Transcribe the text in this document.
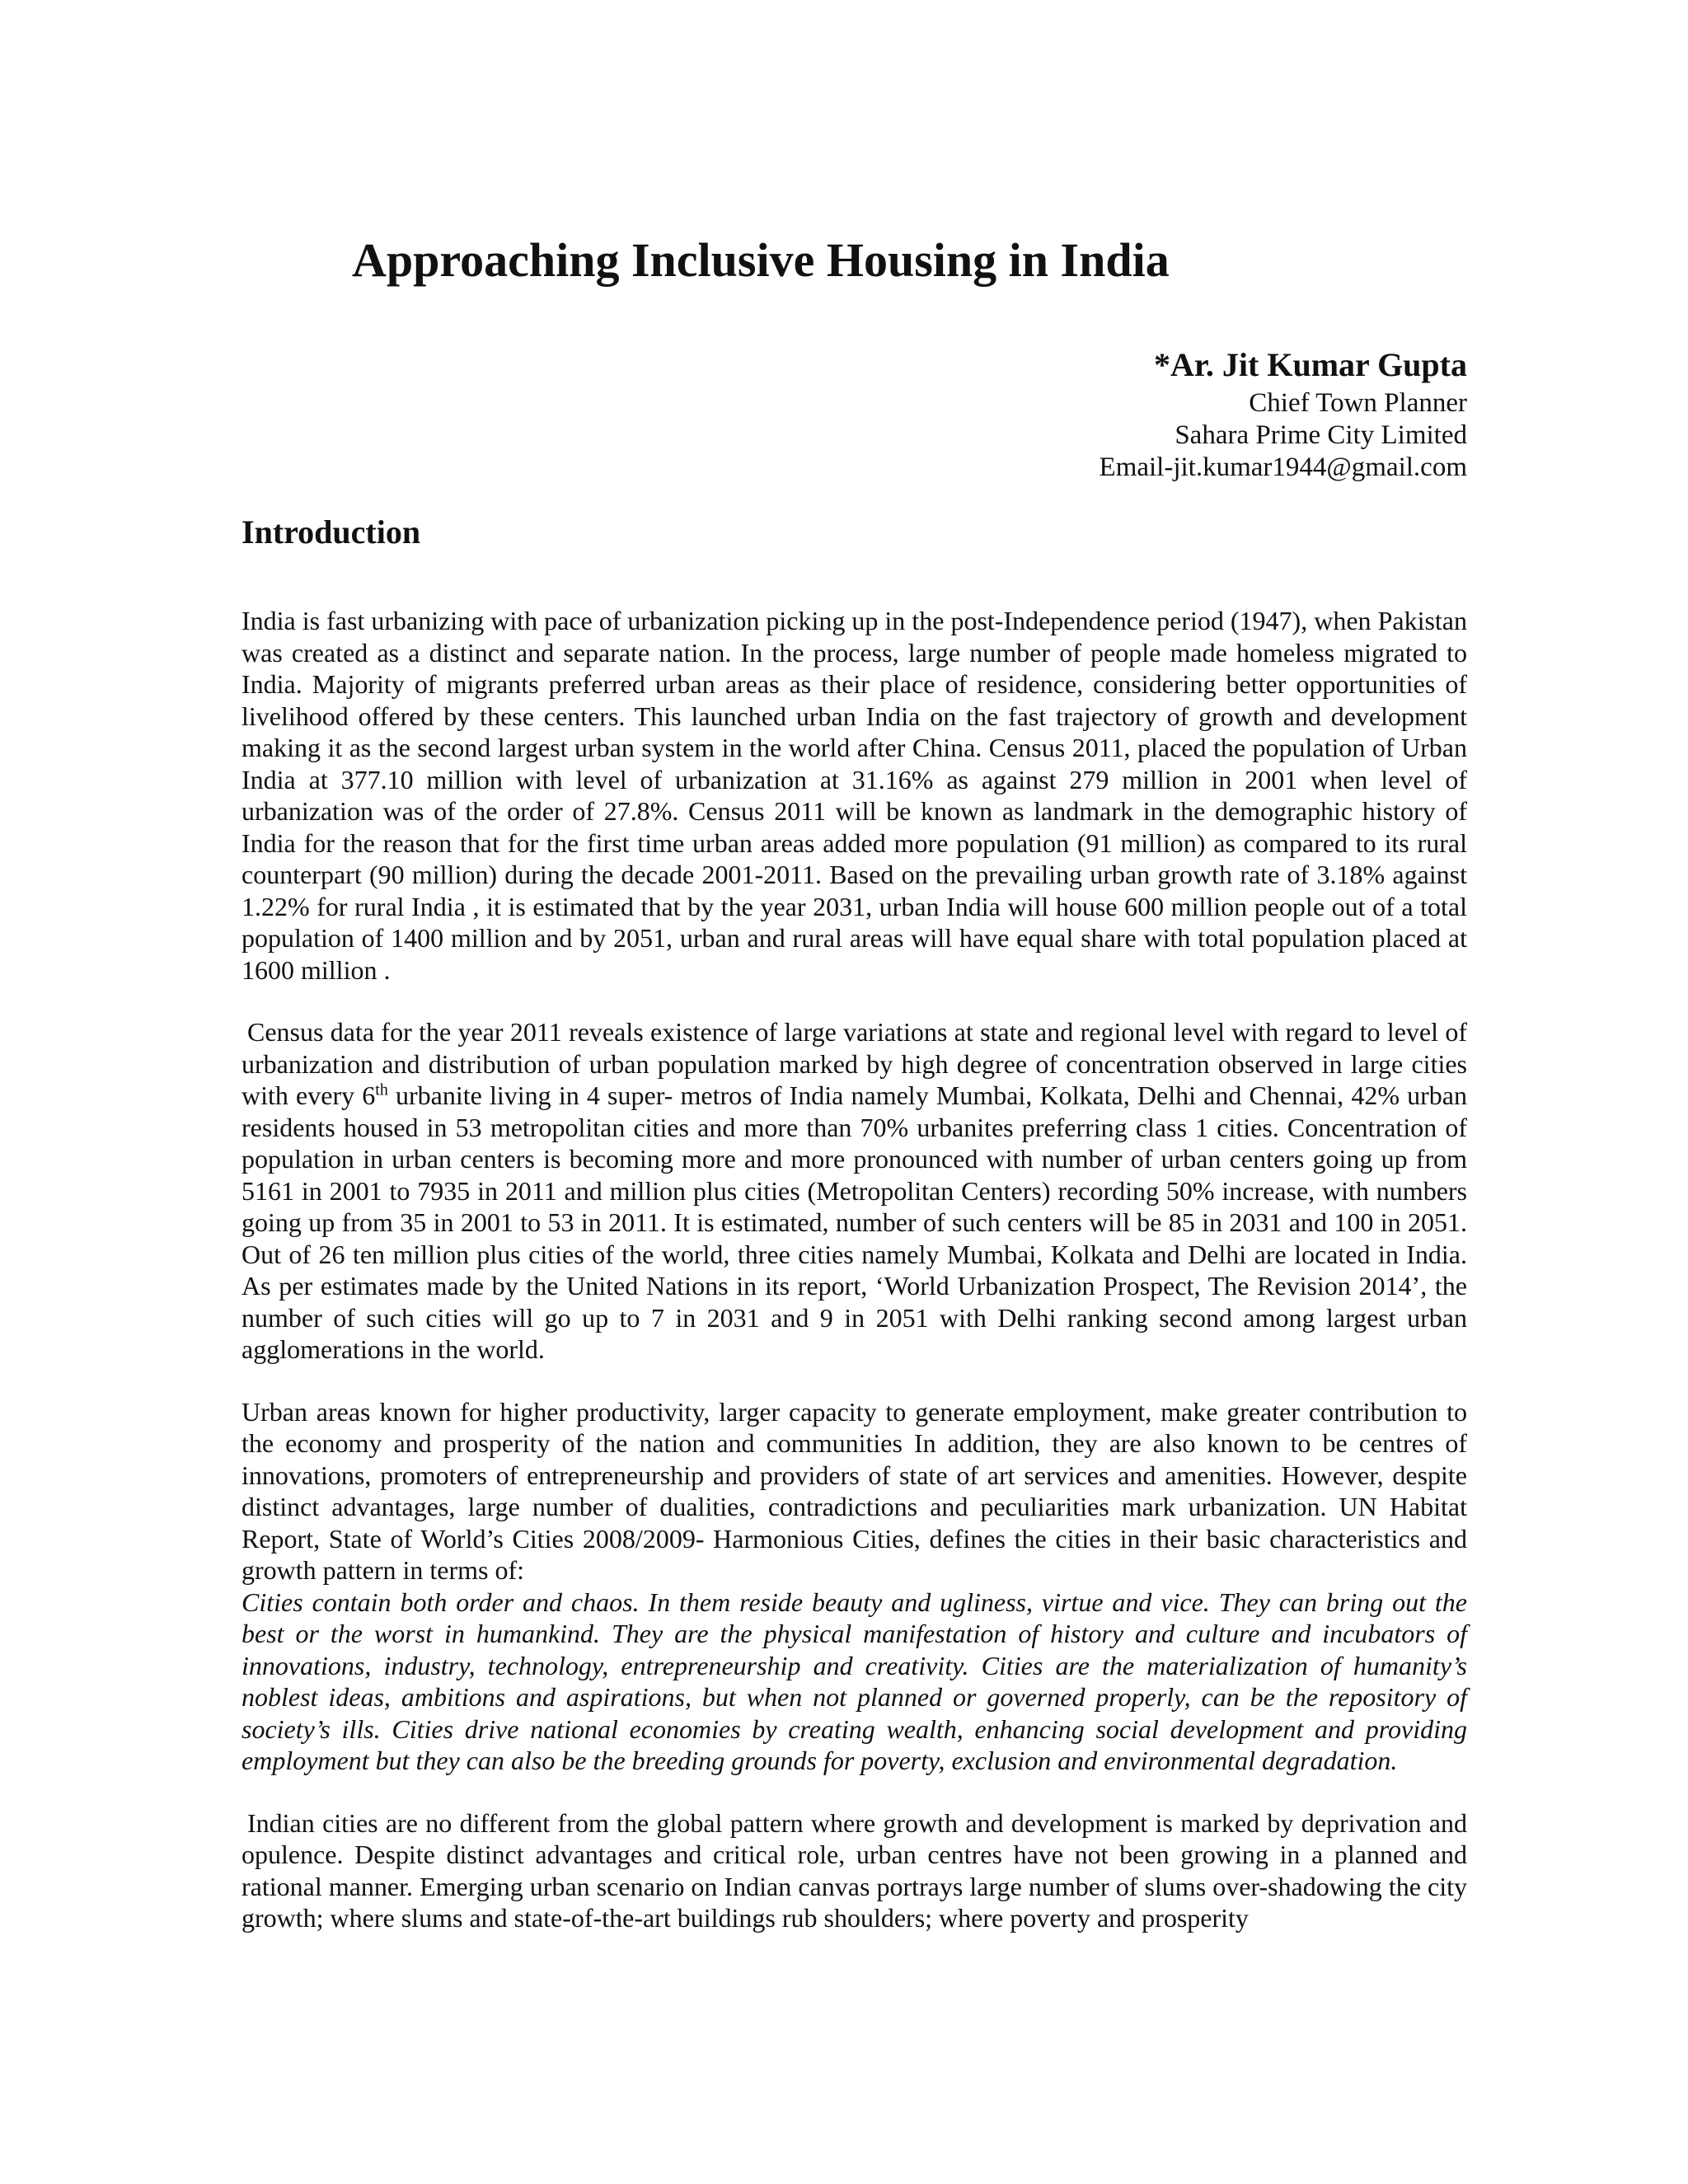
Approaching Inclusive Housing in India
*Ar. Jit Kumar Gupta
Chief Town Planner
Sahara Prime City Limited
Email-jit.kumar1944@gmail.com
Introduction

India is fast urbanizing with pace of urbanization picking up in the post-Independence period (1947), when Pakistan was created as a distinct and separate nation. In the process, large number of people made homeless migrated to India. Majority of migrants preferred urban areas as their place of residence, considering better opportunities of livelihood offered by these centers. This launched urban India on the fast trajectory of growth and development making it as the second largest urban system in the world after China. Census 2011, placed the population of Urban India at 377.10 million with level of urbanization at 31.16% as against 279 million in 2001 when level of urbanization was of the order of 27.8%. Census 2011 will be known as landmark in the demographic history of India for the reason that for the first time urban areas added more population (91 million) as compared to its rural counterpart (90 million) during the decade 2001-2011. Based on the prevailing urban growth rate of 3.18% against 1.22% for rural India , it is estimated that by the year 2031, urban India will house 600 million people out of a total population of 1400 million and by 2051, urban and rural areas will have equal share with total population placed at 1600 million .

Census data for the year 2011 reveals existence of large variations at state and regional level with regard to level of urbanization and distribution of urban population marked by high degree of concentration observed in large cities with every 6th urbanite living in 4 super- metros of India namely Mumbai, Kolkata, Delhi and Chennai, 42% urban residents housed in 53 metropolitan cities and more than 70% urbanites preferring class 1 cities. Concentration of population in urban centers is becoming more and more pronounced with number of urban centers going up from 5161 in 2001 to 7935 in 2011 and million plus cities (Metropolitan Centers) recording 50% increase, with numbers going up from 35 in 2001 to 53 in 2011. It is estimated, number of such centers will be 85 in 2031 and 100 in 2051. Out of 26 ten million plus cities of the world, three cities namely Mumbai, Kolkata and Delhi are located in India. As per estimates made by the United Nations in its report, ‘World Urbanization Prospect, The Revision 2014’, the number of such cities will go up to 7 in 2031 and 9 in 2051 with Delhi ranking second among largest urban agglomerations in the world.

Urban areas known for higher productivity, larger capacity to generate employment, make greater contribution to the economy and prosperity of the nation and communities In addition, they are also known to be centres of innovations, promoters of entrepreneurship and providers of state of art services and amenities. However, despite distinct advantages, large number of dualities, contradictions and peculiarities mark urbanization. UN Habitat Report, State of World’s Cities 2008/2009- Harmonious Cities, defines the cities in their basic characteristics and growth pattern in terms of:

Cities contain both order and chaos. In them reside beauty and ugliness, virtue and vice. They can bring out the best or the worst in humankind. They are the physical manifestation of history and culture and incubators of innovations, industry, technology, entrepreneurship and creativity. Cities are the materialization of humanity’s noblest ideas, ambitions and aspirations, but when not planned or governed properly, can be the repository of society’s ills. Cities drive national economies by creating wealth, enhancing social development and providing employment but they can also be the breeding grounds for poverty, exclusion and environmental degradation.

Indian cities are no different from the global pattern where growth and development is marked by deprivation and opulence. Despite distinct advantages and critical role, urban centres have not been growing in a planned and rational manner. Emerging urban scenario on Indian canvas portrays large number of slums over-shadowing the city growth; where slums and state-of-the-art buildings rub shoulders; where poverty and prosperity
